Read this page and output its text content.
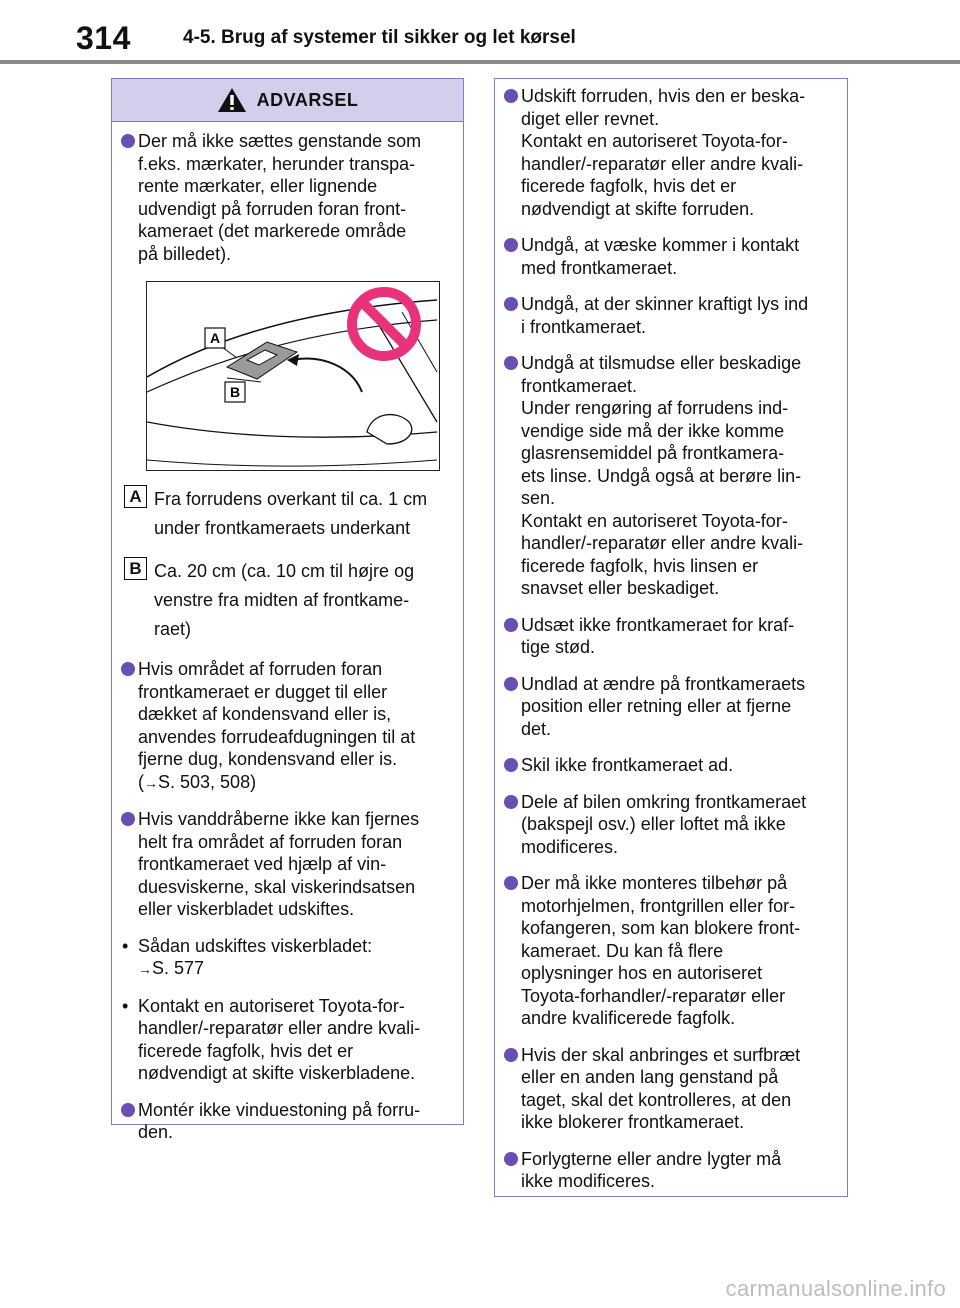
314	4-5. Brug af systemer til sikker og let kørsel
ADVARSEL
Der må ikke sættes genstande som
f.eks. mærkater, herunder transpa-
rente mærkater, eller lignende
udvendigt på forruden foran front-
kameraet (det markerede område
på billedet).
A
B
A Fra forrudens overkant til ca. 1 cm
under frontkameraets underkant
B Ca. 20 cm (ca. 10 cm til højre og
venstre fra midten af frontkame-
raet)
Hvis området af forruden foran
frontkameraet er dugget til eller
dækket af kondensvand eller is,
anvendes forrudeafdugningen til at
fjerne dug, kondensvand eller is.
(→S. 503, 508)
Hvis vanddråberne ikke kan fjernes
helt fra området af forruden foran
frontkameraet ved hjælp af vin-
duesviskerne, skal viskerindsatsen
eller viskerbladet udskiftes.
• Sådan udskiftes viskerbladet:
→S. 577
• Kontakt en autoriseret Toyota-for-
handler/-reparatør eller andre kvali-
ficerede fagfolk, hvis det er
nødvendigt at skifte viskerbladene.
Montér ikke vinduestoning på forru-
den.
Udskift forruden, hvis den er beska-
diget eller revnet.
Kontakt en autoriseret Toyota-for-
handler/-reparatør eller andre kvali-
ficerede fagfolk, hvis det er
nødvendigt at skifte forruden.
Undgå, at væske kommer i kontakt
med frontkameraet.
Undgå, at der skinner kraftigt lys ind
i frontkameraet.
Undgå at tilsmudse eller beskadige
frontkameraet.
Under rengøring af forrudens ind-
vendige side må der ikke komme
glasrensemiddel på frontkamera-
ets linse. Undgå også at berøre lin-
sen.
Kontakt en autoriseret Toyota-for-
handler/-reparatør eller andre kvali-
ficerede fagfolk, hvis linsen er
snavset eller beskadiget.
Udsæt ikke frontkameraet for kraf-
tige stød.
Undlad at ændre på frontkameraets
position eller retning eller at fjerne
det.
Skil ikke frontkameraet ad.
Dele af bilen omkring frontkameraet
(bakspejl osv.) eller loftet må ikke
modificeres.
Der må ikke monteres tilbehør på
motorhjelmen, frontgrillen eller for-
kofangeren, som kan blokere front-
kameraet. Du kan få flere
oplysninger hos en autoriseret
Toyota-forhandler/-reparatør eller
andre kvalificerede fagfolk.
Hvis der skal anbringes et surfbræt
eller en anden lang genstand på
taget, skal det kontrolleres, at den
ikke blokerer frontkameraet.
Forlygterne eller andre lygter må
ikke modificeres.
carmanualsonline.info
